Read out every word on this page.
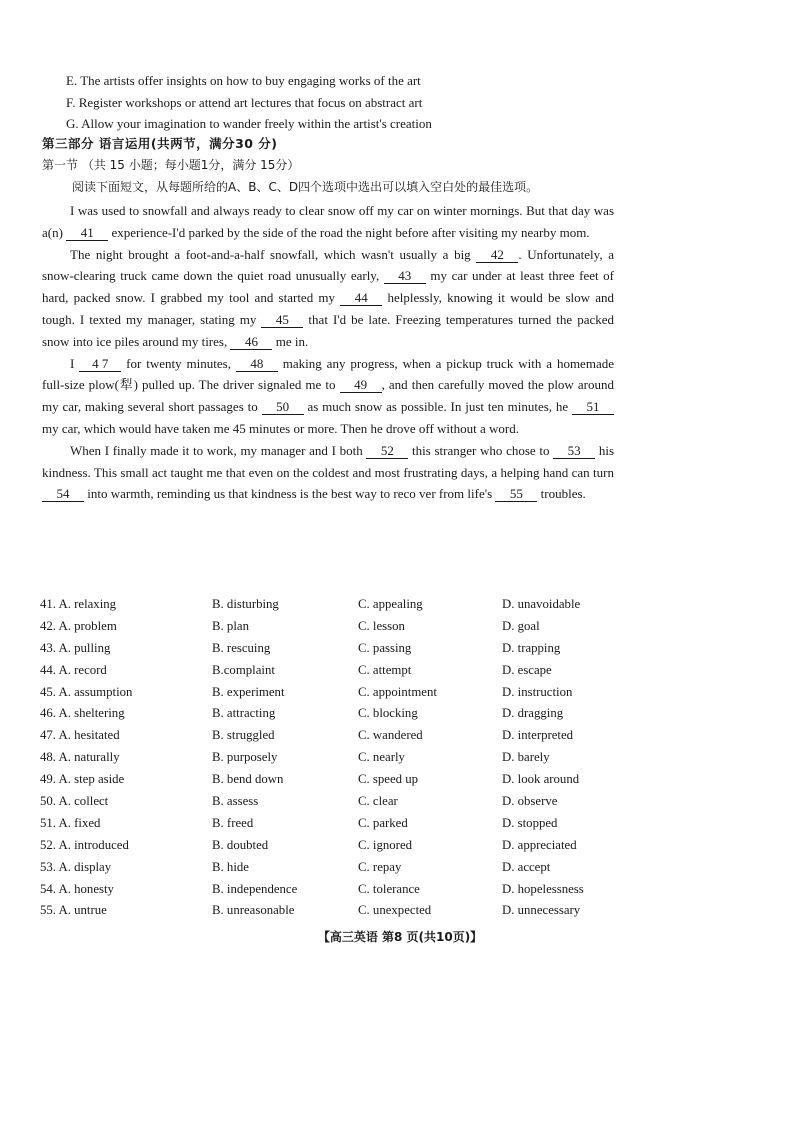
E. The artists offer insights on how to buy engaging works of the art
F. Register workshops or attend art lectures that focus on abstract art
G. Allow your imagination to wander freely within the artist's creation
第三部分 语言运用(共两节，满分30 分)
第一节 （共 15 小题；每小题1分，满分 15分）
阅读下面短文，从每题所给的A、B、C、D四个选项中选出可以填入空白处的最佳选项。

I was used to snowfall and always ready to clear snow off my car on winter mornings. But that day was a(n) 41 experience-I'd parked by the side of the road the night before after visiting my nearby mom.

The night brought a foot-and-a-half snowfall, which wasn't usually a big 42 . Unfortunately, a snow-clearing truck came down the quiet road unusually early, 43 my car under at least three feet of hard, packed snow. I grabbed my tool and started my 44 helplessly, knowing it would be slow and tough. I texted my manager, stating my 45 that I'd be late. Freezing temperatures turned the packed snow into ice piles around my tires, 46 me in.

I 4 7 for twenty minutes, 48 making any progress, when a pickup truck with a homemade full-size plow(犁) pulled up. The driver signaled me to 49 , and then carefully moved the plow around my car, making several short passages to 50 as much snow as possible. In just ten minutes, he 51 my car, which would have taken me 45 minutes or more. Then he drove off without a word.

When I finally made it to work, my manager and I both 52 this stranger who chose to 53 his kindness. This small act taught me that even on the coldest and most frustrating days, a helping hand can turn 54 into warmth, reminding us that kindness is the best way to reco ver from life's 55 troubles.

41. A. relaxing	B. disturbing	C. appealing	D. unavoidable
42. A. problem	B. plan	C. lesson	D. goal
43. A. pulling	B. rescuing	C. passing	D. trapping
44. A. record	B.complaint	C. attempt	D. escape
45. A. assumption	B. experiment	C. appointment	D. instruction
46. A. sheltering	B. attracting	C. blocking	D. dragging
47. A. hesitated	B. struggled	C. wandered	D. interpreted
48. A. naturally	B. purposely	C. nearly	D. barely
49. A. step aside	B. bend down	C. speed up	D. look around
50. A. collect	B. assess	C. clear	D. observe
51. A. fixed	B. freed	C. parked	D. stopped
52. A. introduced	B. doubted	C. ignored	D. appreciated
53. A. display	B. hide	C. repay	D. accept
54. A. honesty	B. independence	C. tolerance	D. hopelessness
55. A. untrue	B. unreasonable	C. unexpected	D. unnecessary
【高三英语 第8 页(共10页)】
